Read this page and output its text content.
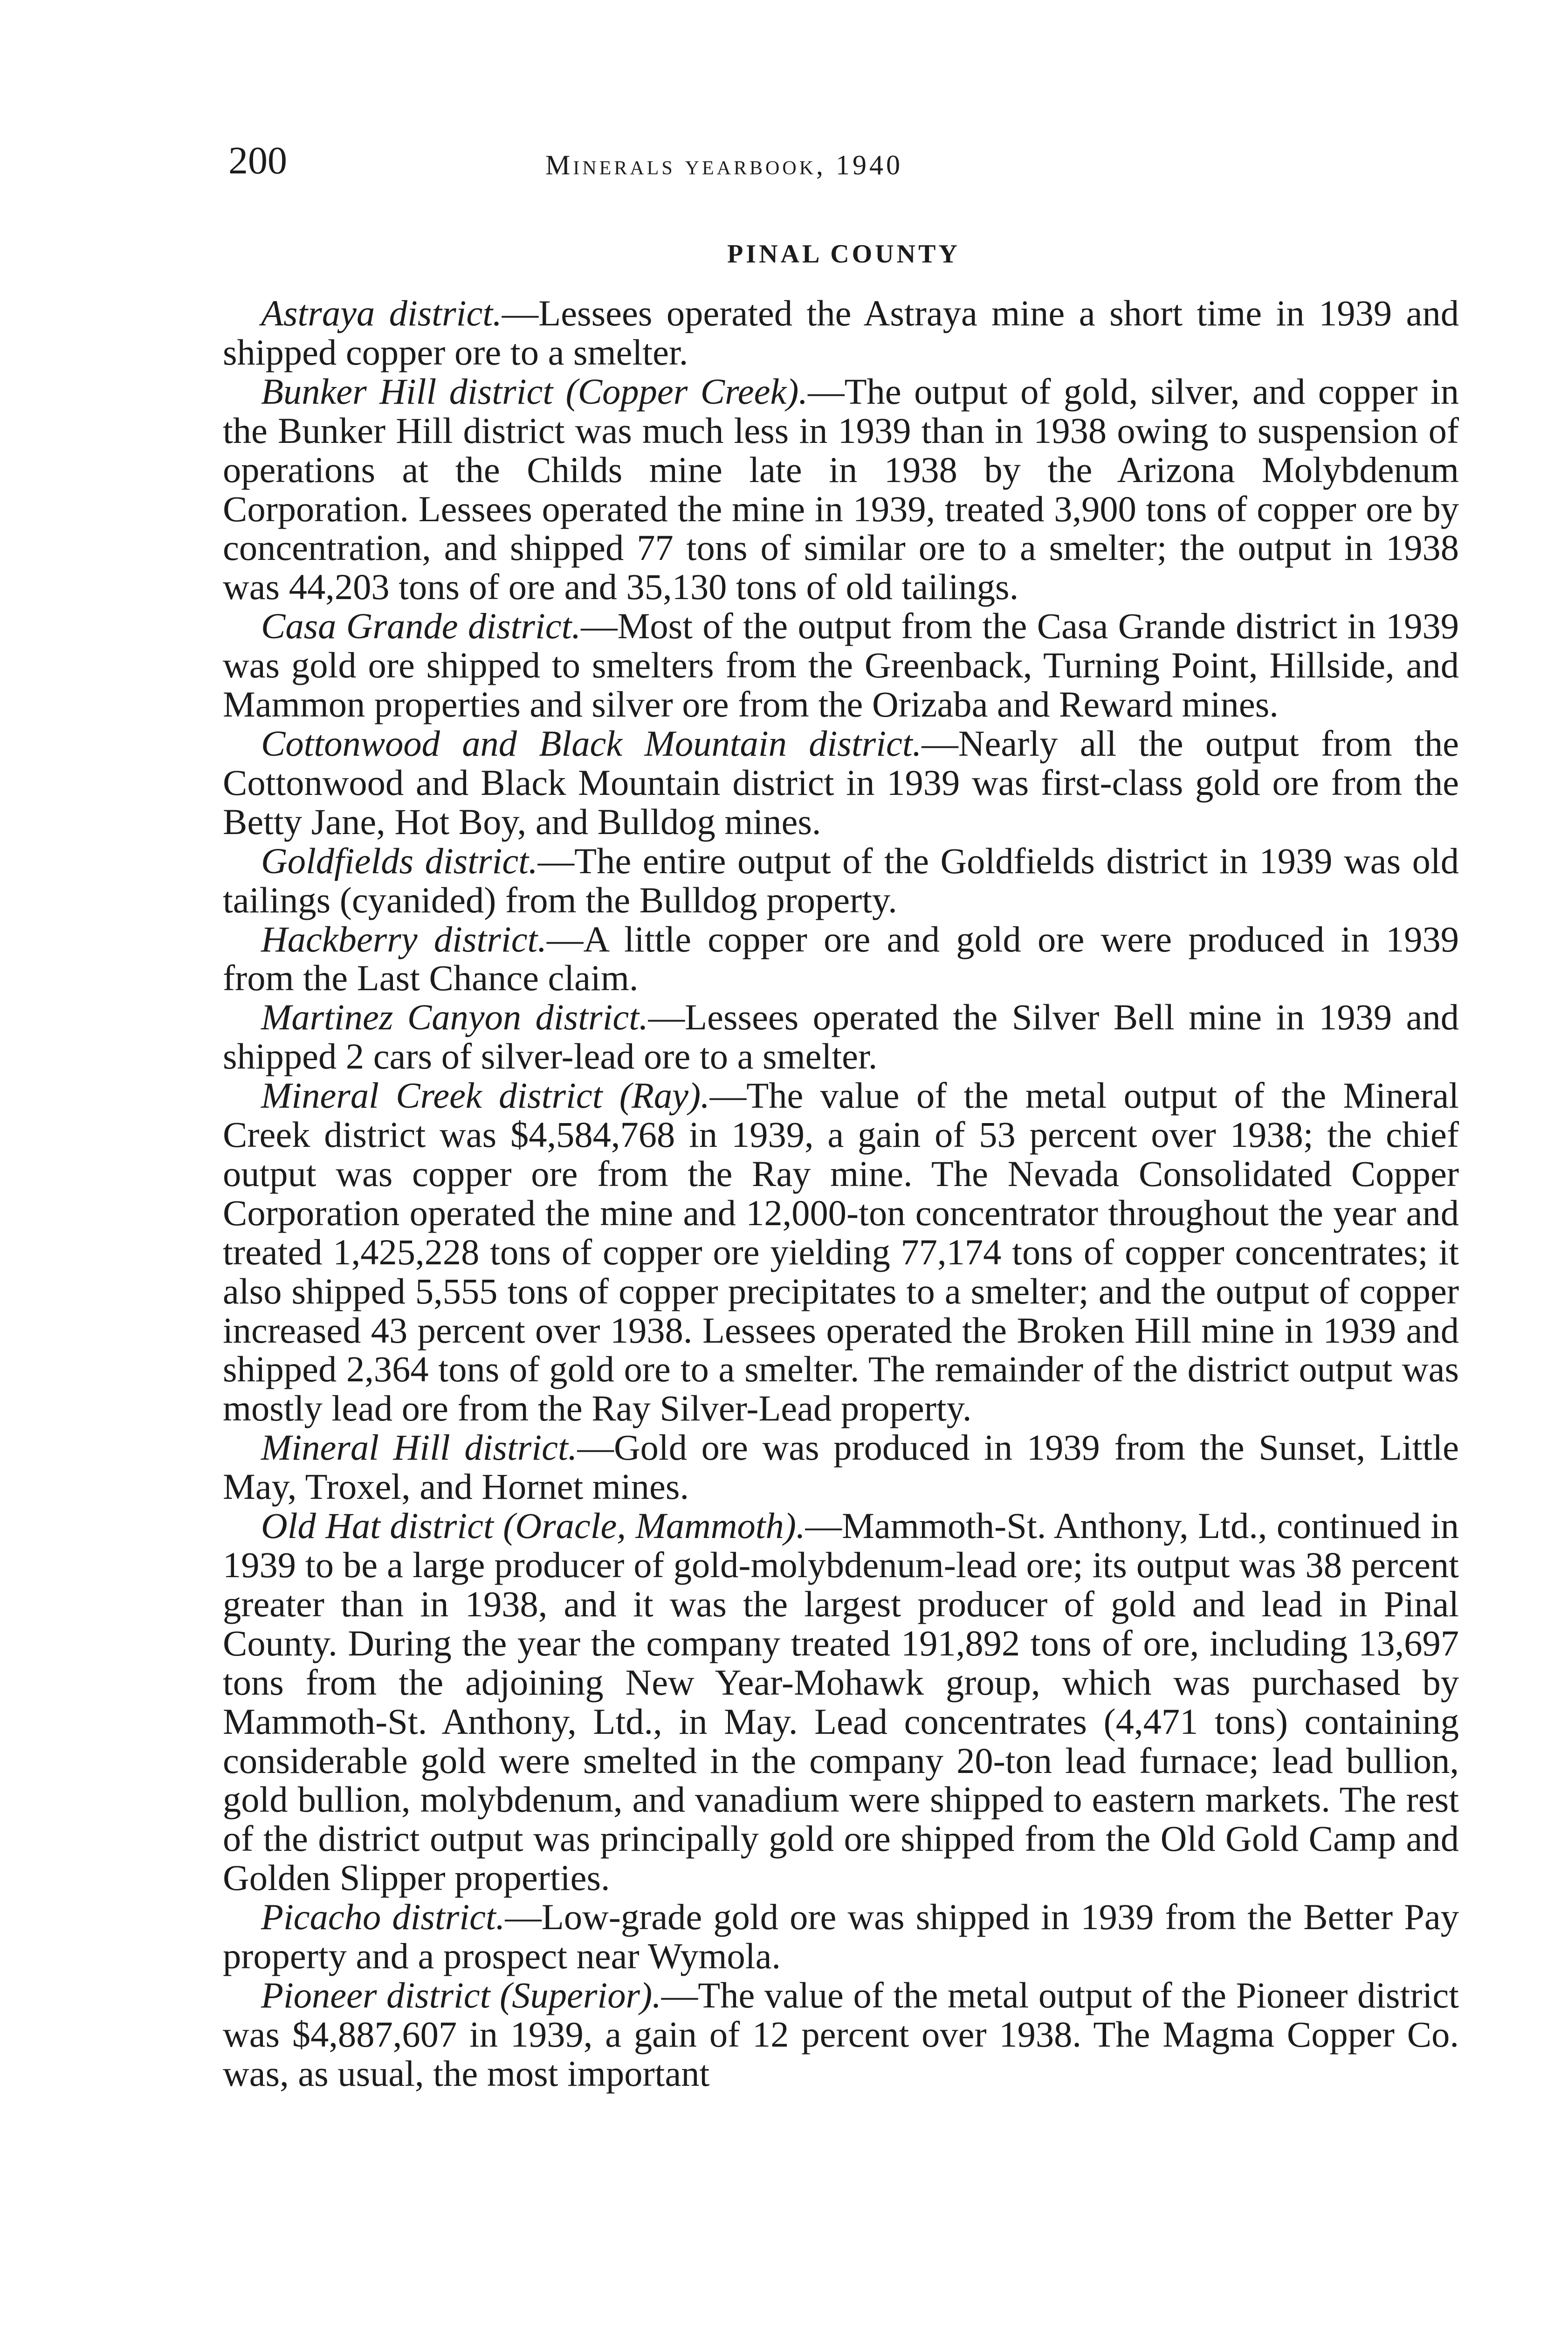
200	minerals yearbook, 1940
PINAL COUNTY

Astraya district.—Lessees operated the Astraya mine a short time in 1939 and shipped copper ore to a smelter.

Bunker Hill district (Copper Creek).—The output of gold, silver, and copper in the Bunker Hill district was much less in 1939 than in 1938 owing to suspension of operations at the Childs mine late in 1938 by the Arizona Molybdenum Corporation. Lessees operated the mine in 1939, treated 3,900 tons of copper ore by concentration, and shipped 77 tons of similar ore to a smelter; the output in 1938 was 44,203 tons of ore and 35,130 tons of old tailings.

Casa Grande district.—Most of the output from the Casa Grande district in 1939 was gold ore shipped to smelters from the Greenback, Turning Point, Hillside, and Mammon properties and silver ore from the Orizaba and Reward mines.

Cottonwood and Black Mountain district.—Nearly all the output from the Cottonwood and Black Mountain district in 1939 was first-class gold ore from the Betty Jane, Hot Boy, and Bulldog mines.

Goldfields district.—The entire output of the Goldfields district in 1939 was old tailings (cyanided) from the Bulldog property.

Hackberry district.—A little copper ore and gold ore were produced in 1939 from the Last Chance claim.

Martinez Canyon district.—Lessees operated the Silver Bell mine in 1939 and shipped 2 cars of silver-lead ore to a smelter.

Mineral Creek district (Ray).—The value of the metal output of the Mineral Creek district was $4,584,768 in 1939, a gain of 53 percent over 1938; the chief output was copper ore from the Ray mine. The Nevada Consolidated Copper Corporation operated the mine and 12,000-ton concentrator throughout the year and treated 1,425,228 tons of copper ore yielding 77,174 tons of copper concentrates; it also shipped 5,555 tons of copper precipitates to a smelter; and the output of copper increased 43 percent over 1938. Lessees operated the Broken Hill mine in 1939 and shipped 2,364 tons of gold ore to a smelter. The remainder of the district output was mostly lead ore from the Ray Silver-Lead property.

Mineral Hill district.—Gold ore was produced in 1939 from the Sunset, Little May, Troxel, and Hornet mines.

Old Hat district (Oracle, Mammoth).—Mammoth-St. Anthony, Ltd., continued in 1939 to be a large producer of gold-molybdenum-lead ore; its output was 38 percent greater than in 1938, and it was the largest producer of gold and lead in Pinal County. During the year the company treated 191,892 tons of ore, including 13,697 tons from the adjoining New Year-Mohawk group, which was purchased by Mammoth-St. Anthony, Ltd., in May. Lead concentrates (4,471 tons) containing considerable gold were smelted in the company 20-ton lead furnace; lead bullion, gold bullion, molybdenum, and vanadium were shipped to eastern markets. The rest of the district output was principally gold ore shipped from the Old Gold Camp and Golden Slipper properties.

Picacho district.—Low-grade gold ore was shipped in 1939 from the Better Pay property and a prospect near Wymola.

Pioneer district (Superior).—The value of the metal output of the Pioneer district was $4,887,607 in 1939, a gain of 12 percent over 1938. The Magma Copper Co. was, as usual, the most important
